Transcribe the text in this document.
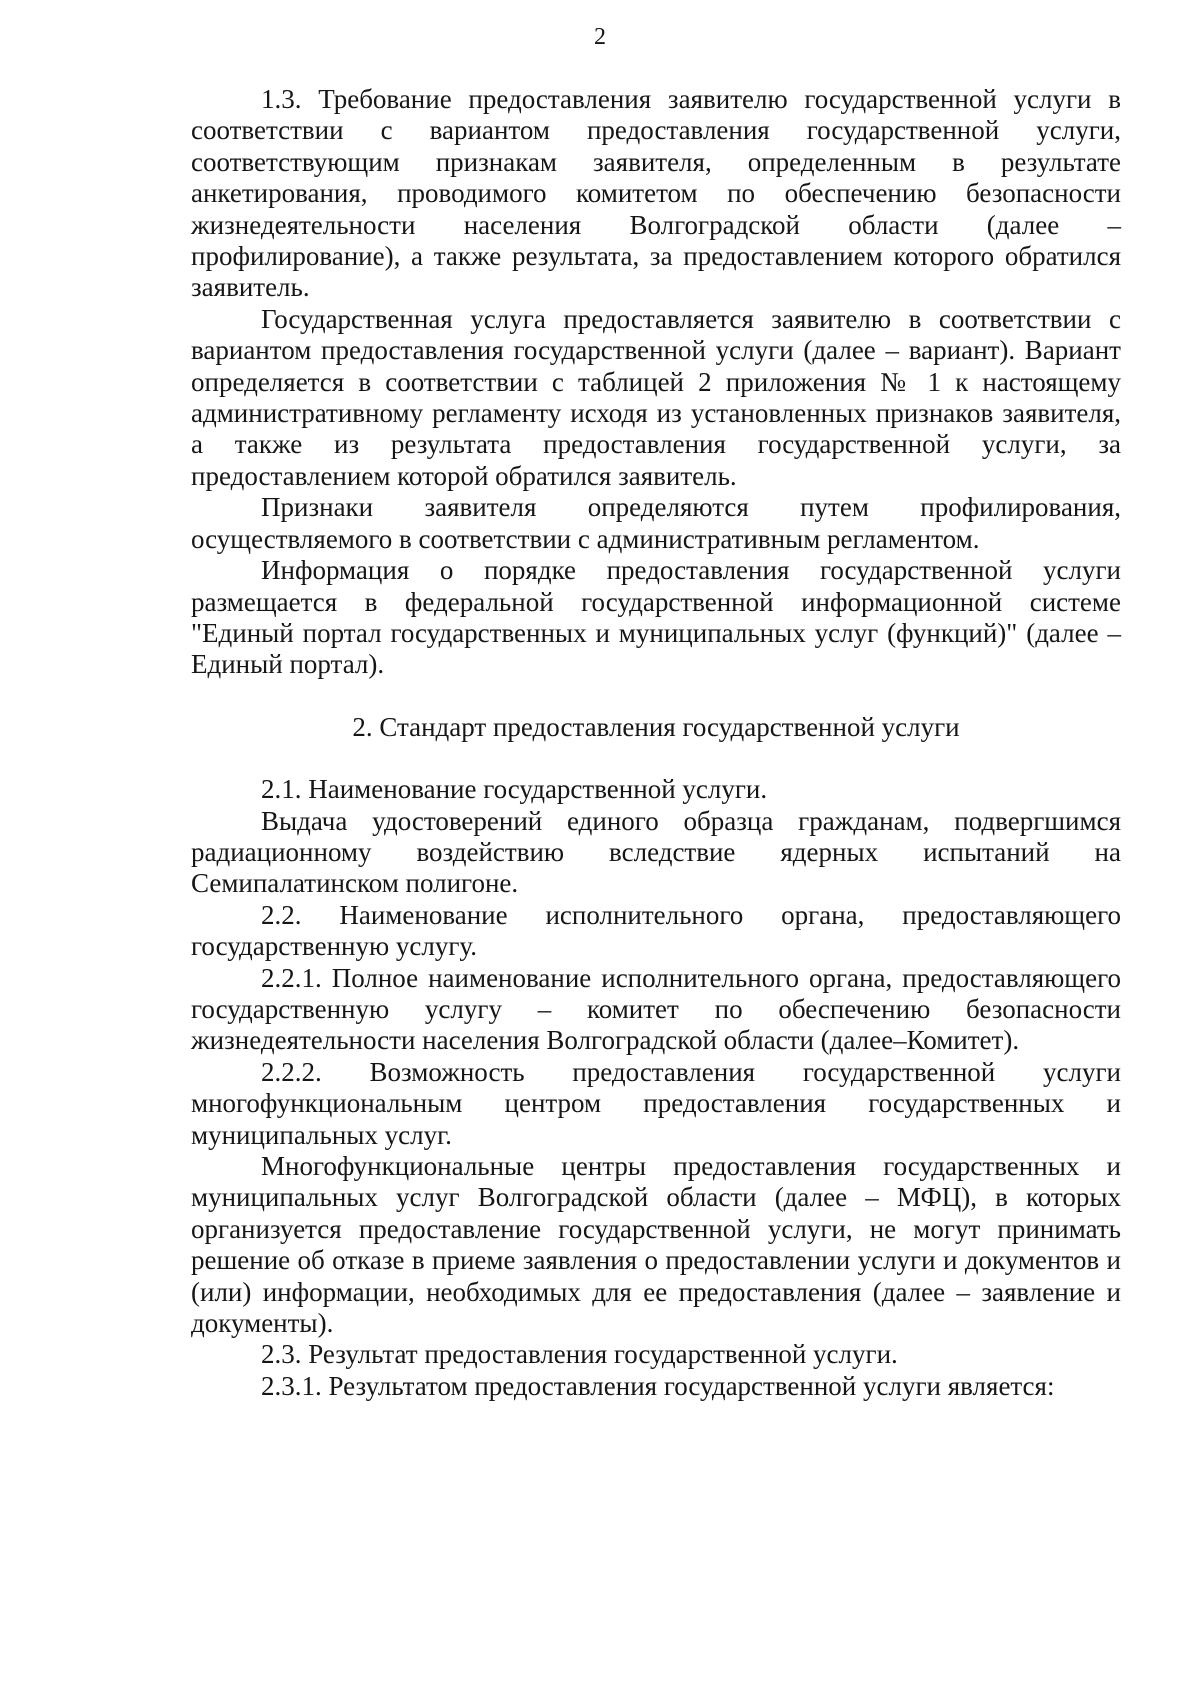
2

1.3. Требование предоставления заявителю государственной услуги в соответствии с вариантом предоставления государственной услуги, соответствующим признакам заявителя, определенным в результате анкетирования, проводимого комитетом по обеспечению безопасности жизнедеятельности населения Волгоградской области (далее – профилирование), а также результата, за предоставлением которого обратился заявитель.

Государственная услуга предоставляется заявителю в соответствии с вариантом предоставления государственной услуги (далее – вариант). Вариант определяется в соответствии с таблицей 2 приложения № 1 к настоящему административному регламенту исходя из установленных признаков заявителя, а также из результата предоставления государственной услуги, за предоставлением которой обратился заявитель.

Признаки заявителя определяются путем профилирования, осуществляемого в соответствии с административным регламентом.

Информация о порядке предоставления государственной услуги размещается в федеральной государственной информационной системе "Единый портал государственных и муниципальных услуг (функций)" (далее – Единый портал).

2. Стандарт предоставления государственной услуги

2.1. Наименование государственной услуги.

Выдача удостоверений единого образца гражданам, подвергшимся радиационному воздействию вследствие ядерных испытаний на Семипалатинском полигоне.

2.2. Наименование исполнительного органа, предоставляющего государственную услугу.

2.2.1. Полное наименование исполнительного органа, предоставляющего государственную услугу – комитет по обеспечению безопасности жизнедеятельности населения Волгоградской области (далее–Комитет).

2.2.2. Возможность предоставления государственной услуги многофункциональным центром предоставления государственных и муниципальных услуг.

Многофункциональные центры предоставления государственных и муниципальных услуг Волгоградской области (далее – МФЦ), в которых организуется предоставление государственной услуги, не могут принимать решение об отказе в приеме заявления о предоставлении услуги и документов и (или) информации, необходимых для ее предоставления (далее – заявление и документы).

2.3. Результат предоставления государственной услуги.

2.3.1. Результатом предоставления государственной услуги является:
